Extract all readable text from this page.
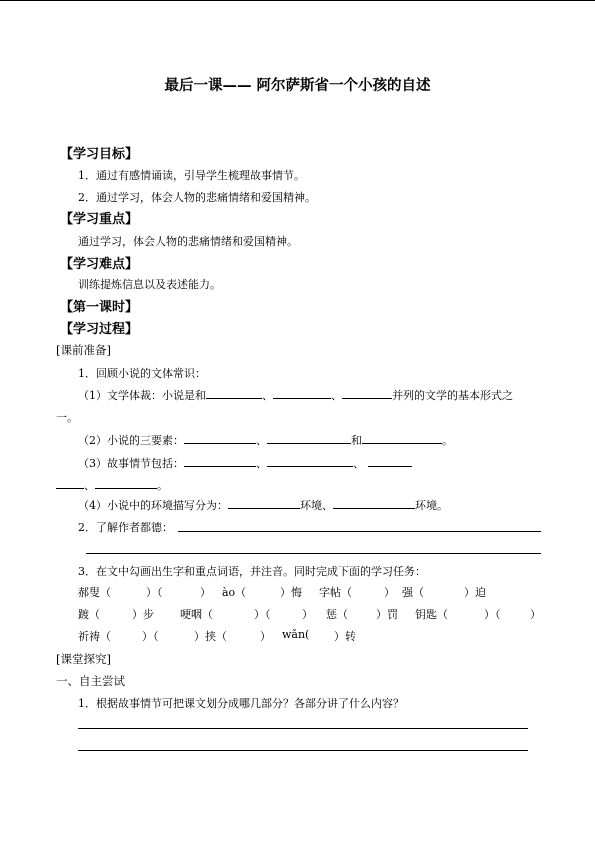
最后一课—— 阿尔萨斯省一个小孩的自述
【学习目标】
1．通过有感情诵读，引导学生梳理故事情节。
2．通过学习，体会人物的悲痛情绪和爱国精神。
【学习重点】
通过学习，体会人物的悲痛情绪和爱国精神。
【学习难点】
训练提炼信息以及表述能力。
【第一课时】
【学习过程】
[课前准备]
1．回顾小说的文体常识：
（1）文学体裁：小说是和	、	、	并列的文学的基本形式之
一。
（2）小说的三要素：	、	和	。
（3）故事情节包括：	、	、
、	。
（4）小说中的环境描写分为：	环境、	环境。
2．了解作者都德：
3．在文中勾画出生字和重点词语，并注音。同时完成下面的学习任务：
郝叟（	）（	） ào（	）悔 字帖（	） 强（	）迫
踱（	）步 哽咽（	）（	） 惩（	）罚 钥匙（	）（	）
祈祷（	）（	）挟（	） wǎn( ）转
[课堂探究]
一、自主尝试
1．根据故事情节可把课文划分成哪几部分？各部分讲了什么内容？
